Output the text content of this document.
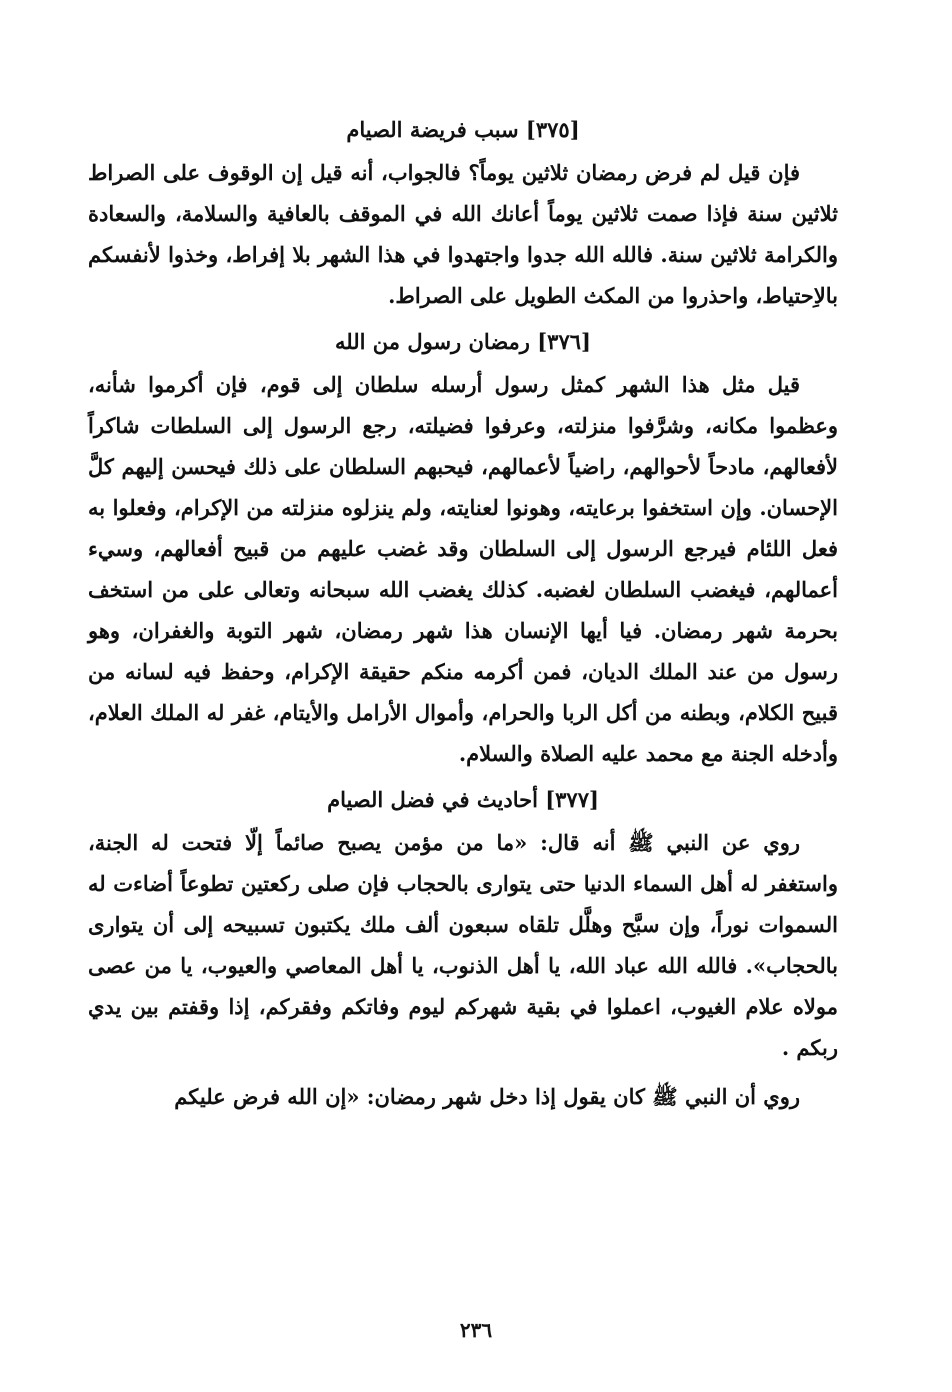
[٣٧٥] سبب فريضة الصيام

فإن قيل لم فرض رمضان ثلاثين يوماً؟ فالجواب، أنه قيل إن الوقوف على الصراط ثلاثين سنة فإذا صمت ثلاثين يوماً أعانك الله في الموقف بالعافية والسلامة، والسعادة والكرامة ثلاثين سنة. فالله الله جدوا واجتهدوا في هذا الشهر بلا إفراط، وخذوا لأنفسكم بالاِحتياط، واحذروا من المكث الطويل على الصراط.

[٣٧٦] رمضان رسول من الله

قيل مثل هذا الشهر كمثل رسول أرسله سلطان إلى قوم، فإن أكرموا شأنه، وعظموا مكانه، وشرَّفوا منزلته، وعرفوا فضيلته، رجع الرسول إلى السلطات شاكراً لأفعالهم، مادحاً لأحوالهم، راضياً لأعمالهم، فيحبهم السلطان على ذلك فيحسن إليهم كلَّ الإحسان. وإن استخفوا برعايته، وهونوا لعنايته، ولم ينزلوه منزلته من الإكرام، وفعلوا به فعل اللئام فيرجع الرسول إلى السلطان وقد غضب عليهم من قبيح أفعالهم، وسيء أعمالهم، فيغضب السلطان لغضبه. كذلك يغضب الله سبحانه وتعالى على من استخف بحرمة شهر رمضان. فيا أيها الإنسان هذا شهر رمضان، شهر التوبة والغفران، وهو رسول من عند الملك الديان، فمن أكرمه منكم حقيقة الإكرام، وحفظ فيه لسانه من قبيح الكلام، وبطنه من أكل الربا والحرام، وأموال الأرامل والأيتام، غفر له الملك العلام، وأدخله الجنة مع محمد عليه الصلاة والسلام.

[٣٧٧] أحاديث في فضل الصيام

روي عن النبي ﷺ أنه قال: «ما من مؤمن يصبح صائماً إلّا فتحت له الجنة، واستغفر له أهل السماء الدنيا حتى يتوارى بالحجاب فإن صلى ركعتين تطوعاً أضاءت له السموات نوراً، وإن سبَّح وهلَّل تلقاه سبعون ألف ملك يكتبون تسبيحه إلى أن يتوارى بالحجاب». فالله الله عباد الله، يا أهل الذنوب، يا أهل المعاصي والعيوب، يا من عصى مولاه علام الغيوب، اعملوا في بقية شهركم ليوم وفاتكم وفقركم، إذا وقفتم بين يدي ربكم .

روي أن النبي ﷺ كان يقول إذا دخل شهر رمضان: «إن الله فرض عليكم

٢٣٦
